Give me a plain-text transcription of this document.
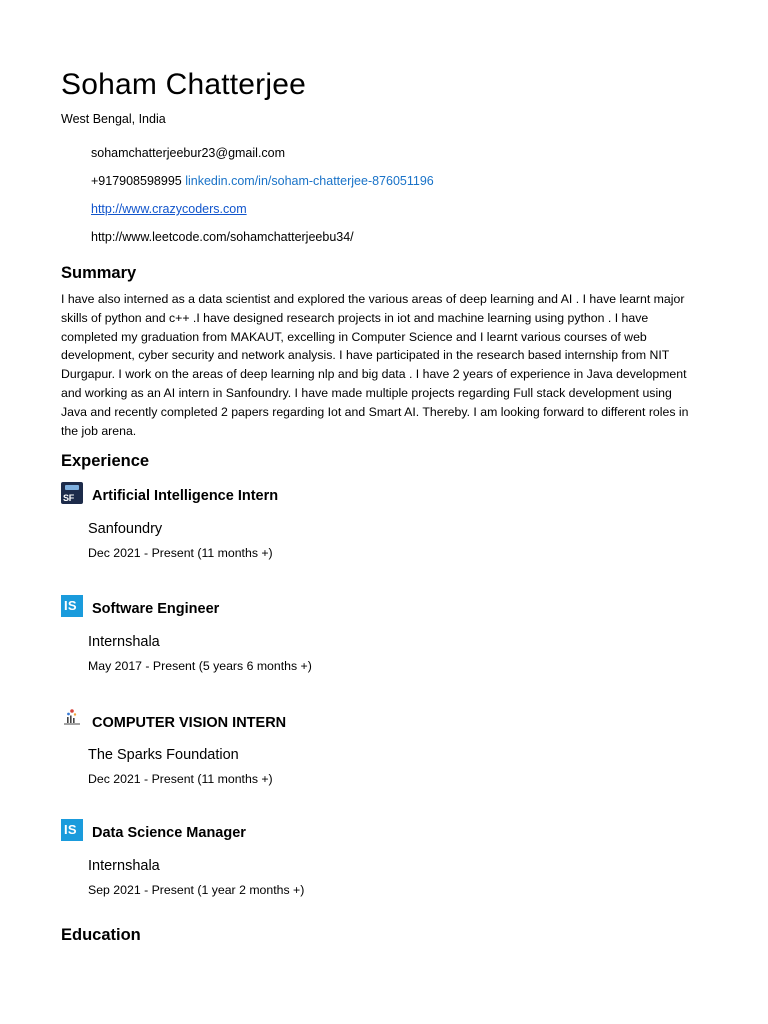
Soham Chatterjee
West Bengal, India
sohamchatterjeebur23@gmail.com
+917908598995 linkedin.com/in/soham-chatterjee-876051196
http://www.crazycoders.com
http://www.leetcode.com/sohamchatterjeebu34/
Summary
I have also interned as a data scientist and explored the various areas of deep learning and AI . I have learnt major skills of python and c++ .I have designed research projects in iot and machine learning using python . I have completed my graduation from MAKAUT, excelling in Computer Science and I learnt various courses of web development, cyber security and network analysis. I have participated in the research based internship from NIT Durgapur. I work on the areas of deep learning nlp and big data . I have 2 years of experience in Java development and working as an AI intern in Sanfoundry. I have made multiple projects regarding Full stack development using Java and recently completed 2 papers regarding Iot and Smart AI. Thereby. I am looking forward to different roles in the job arena.
Experience
SF Artificial Intelligence Intern
Sanfoundry
Dec 2021 - Present (11 months +)
IS Software Engineer
Internshala
May 2017 - Present (5 years 6 months +)
COMPUTER VISION INTERN
The Sparks Foundation
Dec 2021 - Present (11 months +)
IS Data Science Manager
Internshala
Sep 2021 - Present (1 year 2 months +)
Education
